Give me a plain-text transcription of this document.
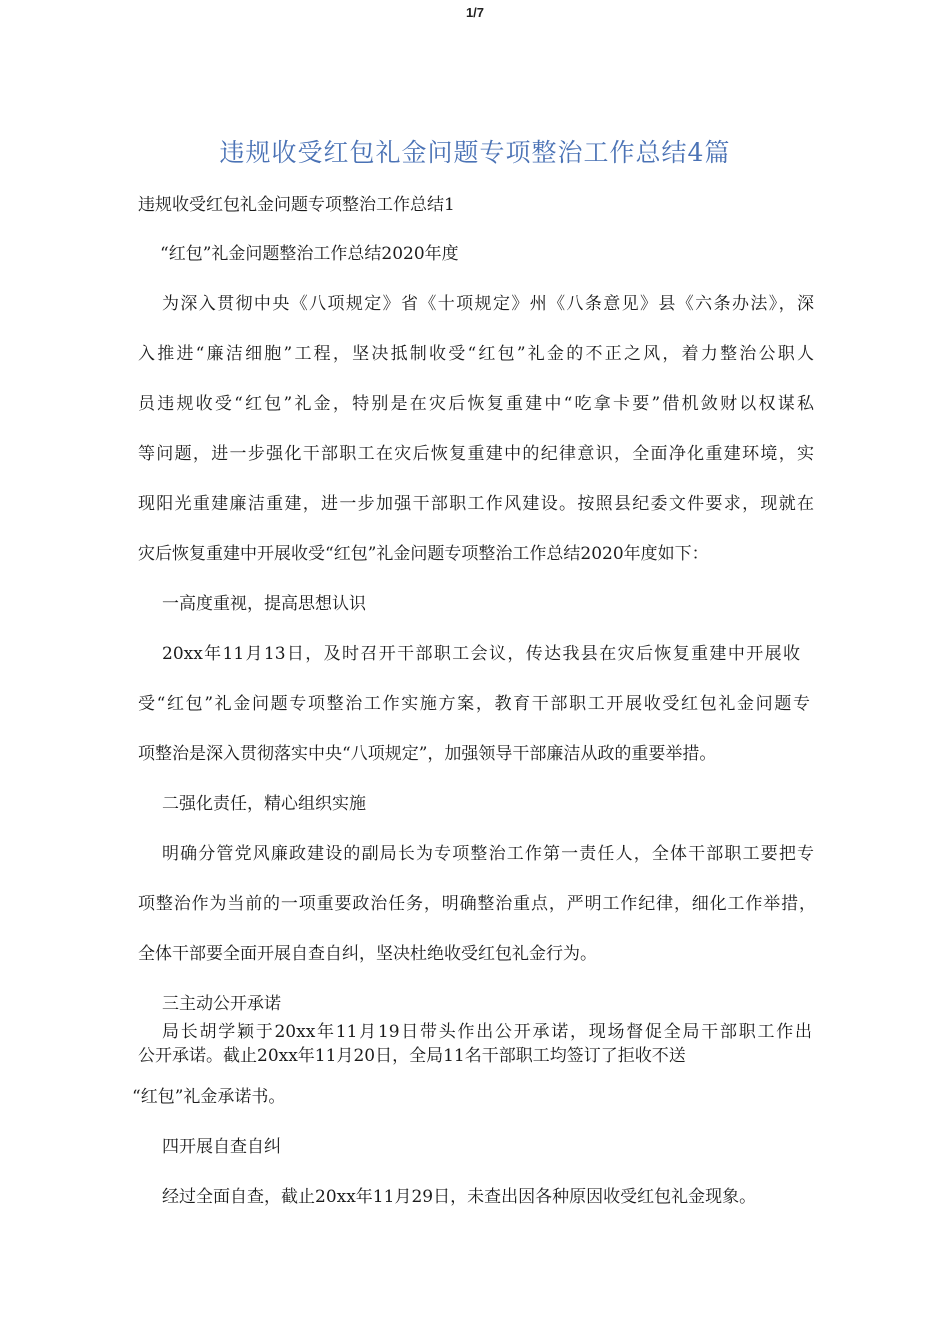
1/7
违规收受红包礼金问题专项整治工作总结4篇
违规收受红包礼金问题专项整治工作总结1
“红包”礼金问题整治工作总结2020年度
为深入贯彻中央《八项规定》省《十项规定》州《八条意见》县《六条办法》，深
入推进“廉洁细胞”工程，坚决抵制收受“红包”礼金的不正之风，着力整治公职人
员违规收受“红包”礼金，特别是在灾后恢复重建中“吃拿卡要”借机敛财以权谋私
等问题，进一步强化干部职工在灾后恢复重建中的纪律意识，全面净化重建环境，实
现阳光重建廉洁重建，进一步加强干部职工作风建设。按照县纪委文件要求，现就在
灾后恢复重建中开展收受“红包”礼金问题专项整治工作总结2020年度如下：
一高度重视，提高思想认识
20xx年11月13日，及时召开干部职工会议，传达我县在灾后恢复重建中开展收
受“红包”礼金问题专项整治工作实施方案，教育干部职工开展收受红包礼金问题专
项整治是深入贯彻落实中央“八项规定”，加强领导干部廉洁从政的重要举措。
二强化责任，精心组织实施
明确分管党风廉政建设的副局长为专项整治工作第一责任人，全体干部职工要把专
项整治作为当前的一项重要政治任务，明确整治重点，严明工作纪律，细化工作举措，
全体干部要全面开展自查自纠，坚决杜绝收受红包礼金行为。
三主动公开承诺
局长胡学颖于20xx年11月19日带头作出公开承诺，现场督促全局干部职工作出
公开承诺。截止20xx年11月20日，全局11名干部职工均签订了拒收不送
“红包”礼金承诺书。
四开展自查自纠
经过全面自查，截止20xx年11月29日，未查出因各种原因收受红包礼金现象。
